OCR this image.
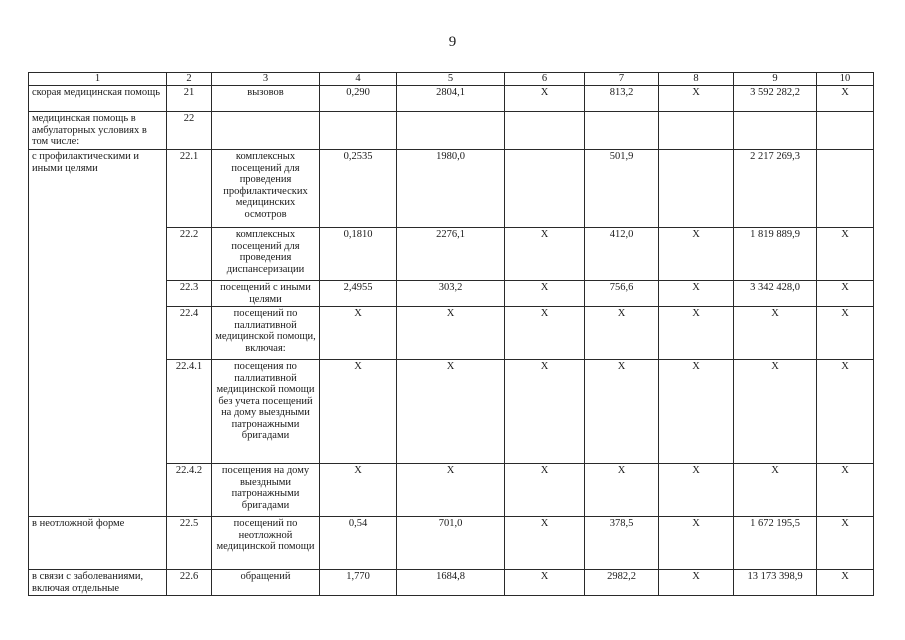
9
1	2	3	4	5	6	7	8	9	10
скорая медицинская помощь	21	вызовов	0,290	2804,1	X	813,2	X	3 592 282,2	X
медицинская помощь в амбулаторных условиях в том числе:	22								
с профилактическими и иными целями	22.1	комплексных посещений для проведения профилактических медицинских осмотров	0,2535	1980,0		501,9		2 217 269,3	
	22.2	комплексных посещений для проведения диспансеризации	0,1810	2276,1	X	412,0	X	1 819 889,9	X
	22.3	посещений с иными целями	2,4955	303,2	X	756,6	X	3 342 428,0	X
	22.4	посещений по паллиативной медицинской помощи, включая:	X	X	X	X	X	X	X
	22.4.1	посещения по паллиативной медицинской помощи без учета посещений на дому выездными патронажными бригадами	X	X	X	X	X	X	X
	22.4.2	посещения на дому выездными патронажными бригадами	X	X	X	X	X	X	X
в неотложной форме	22.5	посещений по неотложной медицинской помощи	0,54	701,0	X	378,5	X	1 672 195,5	X
в связи с заболеваниями, включая отдельные	22.6	обращений	1,770	1684,8	X	2982,2	X	13 173 398,9	X
